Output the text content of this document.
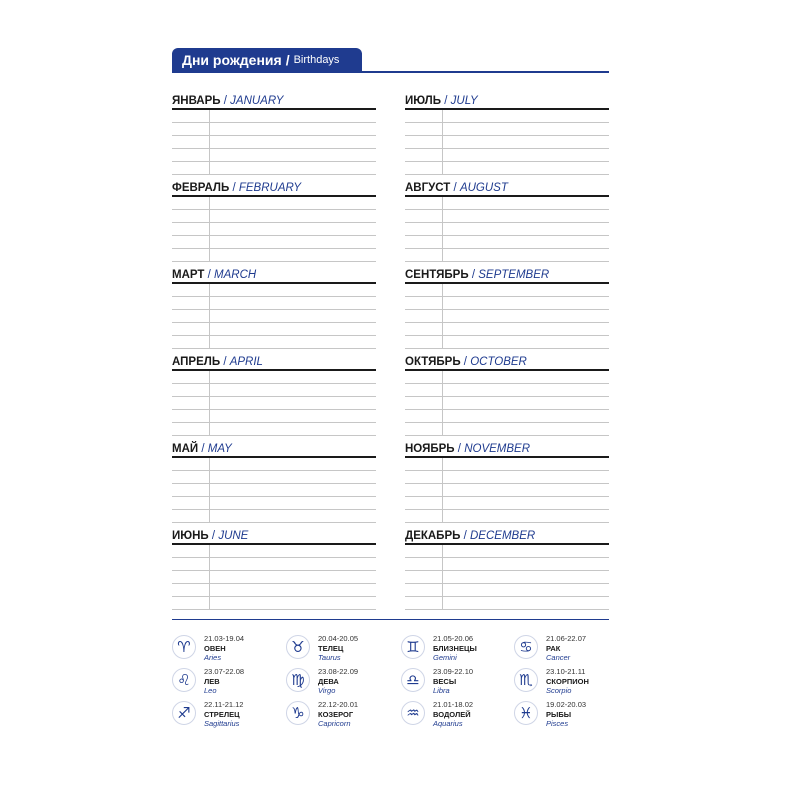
Дни рождения / Birthdays
ЯНВАРЬ / JANUARY
ФЕВРАЛЬ / FEBRUARY
МАРТ / MARCH
АПРЕЛЬ / APRIL
МАЙ / MAY
ИЮНЬ / JUNE
ИЮЛЬ / JULY
АВГУСТ / AUGUST
СЕНТЯБРЬ / SEPTEMBER
ОКТЯБРЬ / OCTOBER
НОЯБРЬ / NOVEMBER
ДЕКАБРЬ / DECEMBER
♈	21.03-19.04
ОВЕН
Aries
♉	20.04-20.05
ТЕЛЕЦ
Taurus
♊	21.05-20.06
БЛИЗНЕЦЫ
Gemini
♋	21.06-22.07
РАК
Cancer
♌	23.07-22.08
ЛЕВ
Leo
♍	23.08-22.09
ДЕВА
Virgo
♎	23.09-22.10
ВЕСЫ
Libra
♏	23.10-21.11
СКОРПИОН
Scorpio
♐	22.11-21.12
СТРЕЛЕЦ
Sagittarius
♑	22.12-20.01
КОЗЕРОГ
Capricorn
♒	21.01-18.02
ВОДОЛЕЙ
Aquarius
♓	19.02-20.03
РЫБЫ
Pisces
